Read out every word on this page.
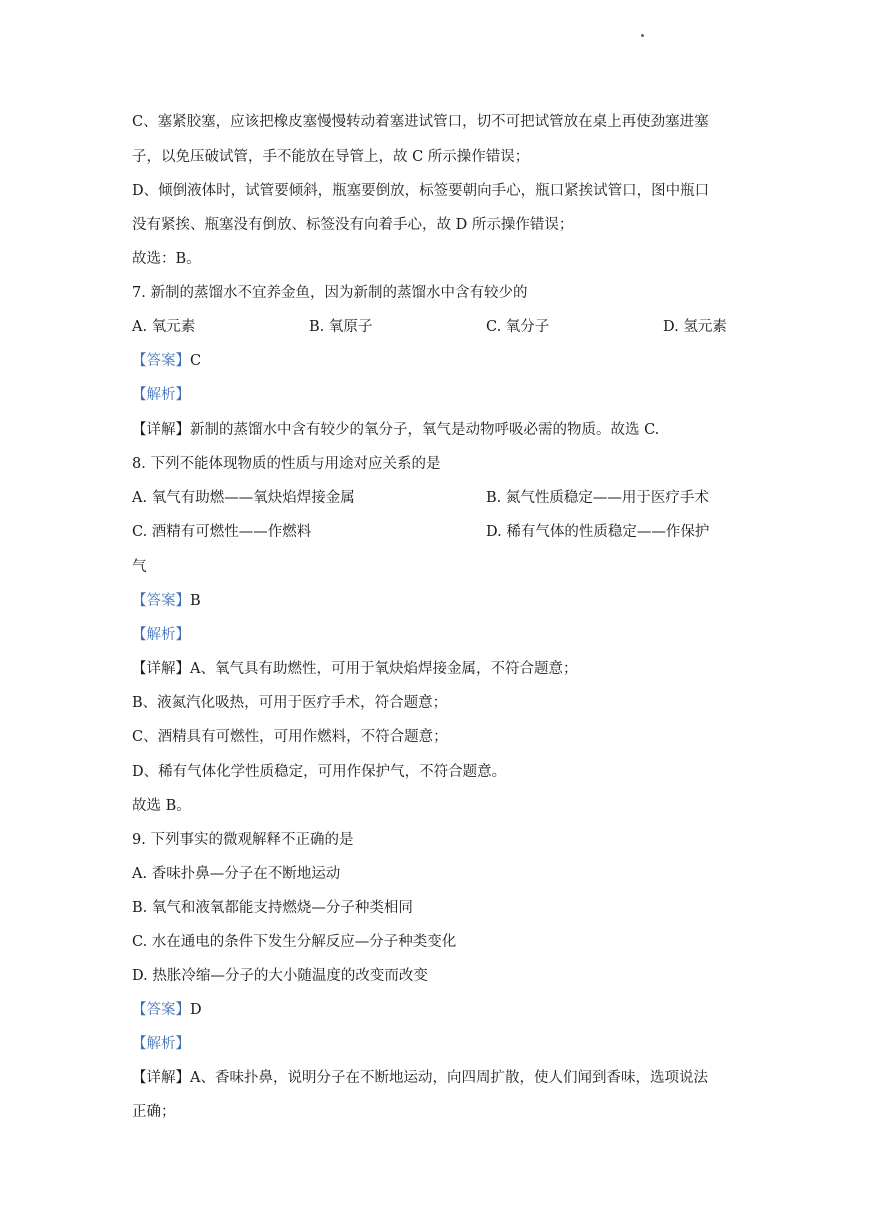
C、塞紧胶塞，应该把橡皮塞慢慢转动着塞进试管口，切不可把试管放在桌上再使劲塞进塞
子，以免压破试管，手不能放在导管上，故 C 所示操作错误；
D、倾倒液体时，试管要倾斜，瓶塞要倒放，标签要朝向手心，瓶口紧挨试管口，图中瓶口
没有紧挨、瓶塞没有倒放、标签没有向着手心，故 D 所示操作错误；
故选：B。
7. 新制的蒸馏水不宜养金鱼，因为新制的蒸馏水中含有较少的
A. 氧元素	B. 氧原子	C. 氧分子	D. 氢元素
【答案】C
【解析】
【详解】新制的蒸馏水中含有较少的氧分子，氧气是动物呼吸必需的物质。故选 C.
8. 下列不能体现物质的性质与用途对应关系的是
A. 氧气有助燃——氧炔焰焊接金属	B. 氮气性质稳定——用于医疗手术
C. 酒精有可燃性——作燃料	D. 稀有气体的性质稳定——作保护
气
【答案】B
【解析】
【详解】A、氧气具有助燃性，可用于氧炔焰焊接金属，不符合题意；
B、液氮汽化吸热，可用于医疗手术，符合题意；
C、酒精具有可燃性，可用作燃料，不符合题意；
D、稀有气体化学性质稳定，可用作保护气，不符合题意。
故选 B。
9. 下列事实的微观解释不正确的是
A. 香味扑鼻—分子在不断地运动
B. 氧气和液氧都能支持燃烧—分子种类相同
C. 水在通电的条件下发生分解反应—分子种类变化
D. 热胀冷缩—分子的大小随温度的改变而改变
【答案】D
【解析】
【详解】A、香味扑鼻，说明分子在不断地运动，向四周扩散，使人们闻到香味，选项说法
正确；
